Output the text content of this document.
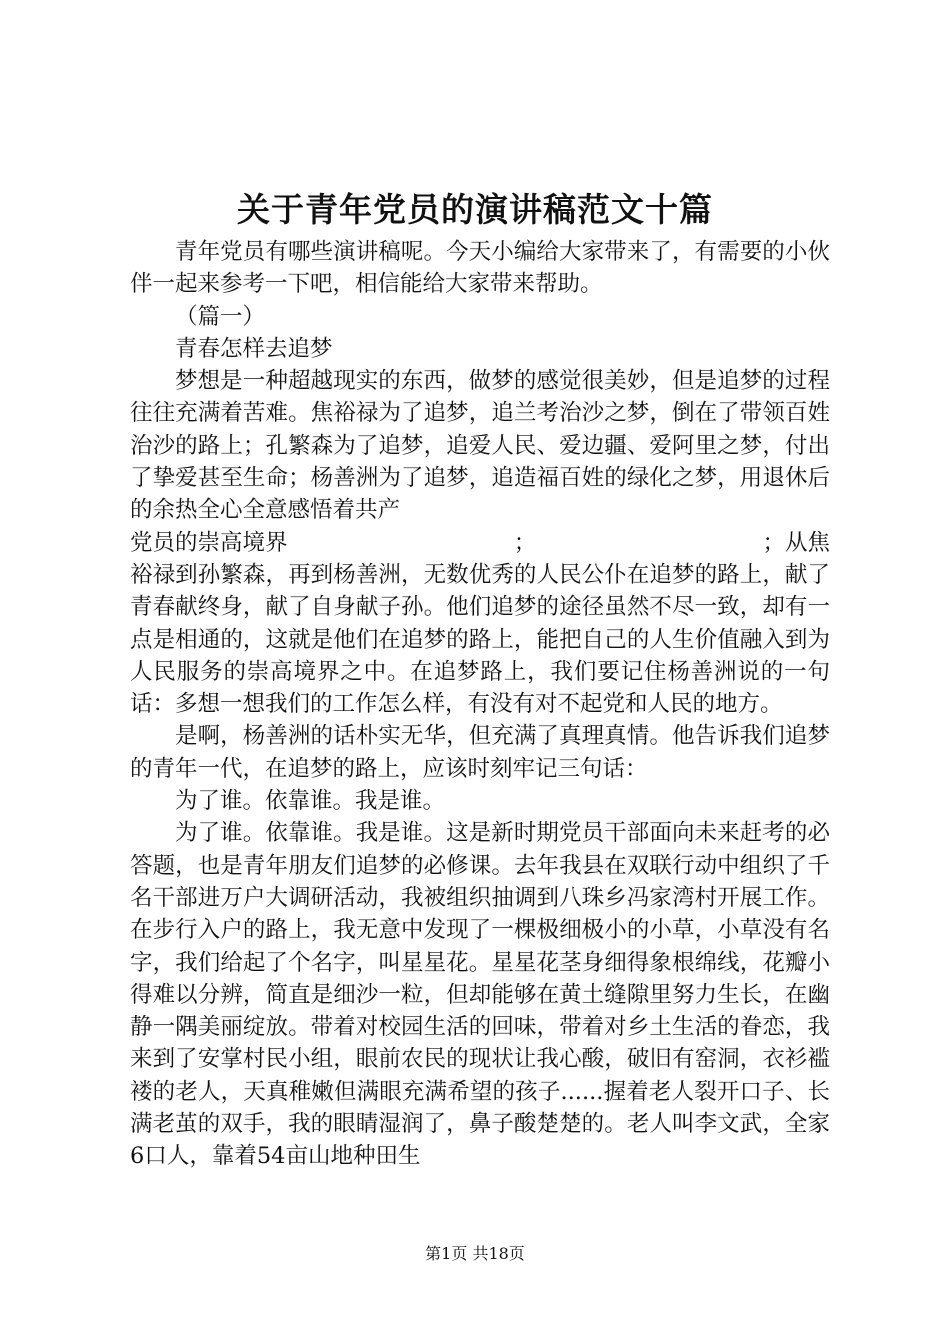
关于青年党员的演讲稿范文十篇

青年党员有哪些演讲稿呢。今天小编给大家带来了，有需要的小伙伴一起来参考一下吧，相信能给大家带来帮助。

（篇一）

青春怎样去追梦

梦想是一种超越现实的东西，做梦的感觉很美妙，但是追梦的过程往往充满着苦难。焦裕禄为了追梦，追兰考治沙之梦，倒在了带领百姓治沙的路上；孔繁森为了追梦，追爱人民、爱边疆、爱阿里之梦，付出了挚爱甚至生命；杨善洲为了追梦，追造福百姓的绿化之梦，用退休后的余热全心全意感悟着共产

党员的崇高境界	；	；从焦

裕禄到孙繁森，再到杨善洲，无数优秀的人民公仆在追梦的路上，献了青春献终身，献了自身献子孙。他们追梦的途径虽然不尽一致，却有一点是相通的，这就是他们在追梦的路上，能把自己的人生价值融入到为人民服务的崇高境界之中。在追梦路上，我们要记住杨善洲说的一句话：多想一想我们的工作怎么样，有没有对不起党和人民的地方。

是啊，杨善洲的话朴实无华，但充满了真理真情。他告诉我们追梦的青年一代，在追梦的路上，应该时刻牢记三句话：

为了谁。依靠谁。我是谁。

为了谁。依靠谁。我是谁。这是新时期党员干部面向未来赶考的必答题，也是青年朋友们追梦的必修课。去年我县在双联行动中组织了千名干部进万户大调研活动，我被组织抽调到八珠乡冯家湾村开展工作。在步行入户的路上，我无意中发现了一棵极细极小的小草，小草没有名字，我们给起了个名字，叫星星花。星星花茎身细得象根绵线，花瓣小得难以分辨，简直是细沙一粒，但却能够在黄土缝隙里努力生长，在幽静一隅美丽绽放。带着对校园生活的回味，带着对乡土生活的眷恋，我来到了安掌村民小组，眼前农民的现状让我心酸，破旧有窑洞，衣衫褴褛的老人，天真稚嫩但满眼充满希望的孩子......握着老人裂开口子、长满老茧的双手，我的眼睛湿润了，鼻子酸楚楚的。老人叫李文武，全家6口人，靠着54亩山地种田生

第1页 共18页
